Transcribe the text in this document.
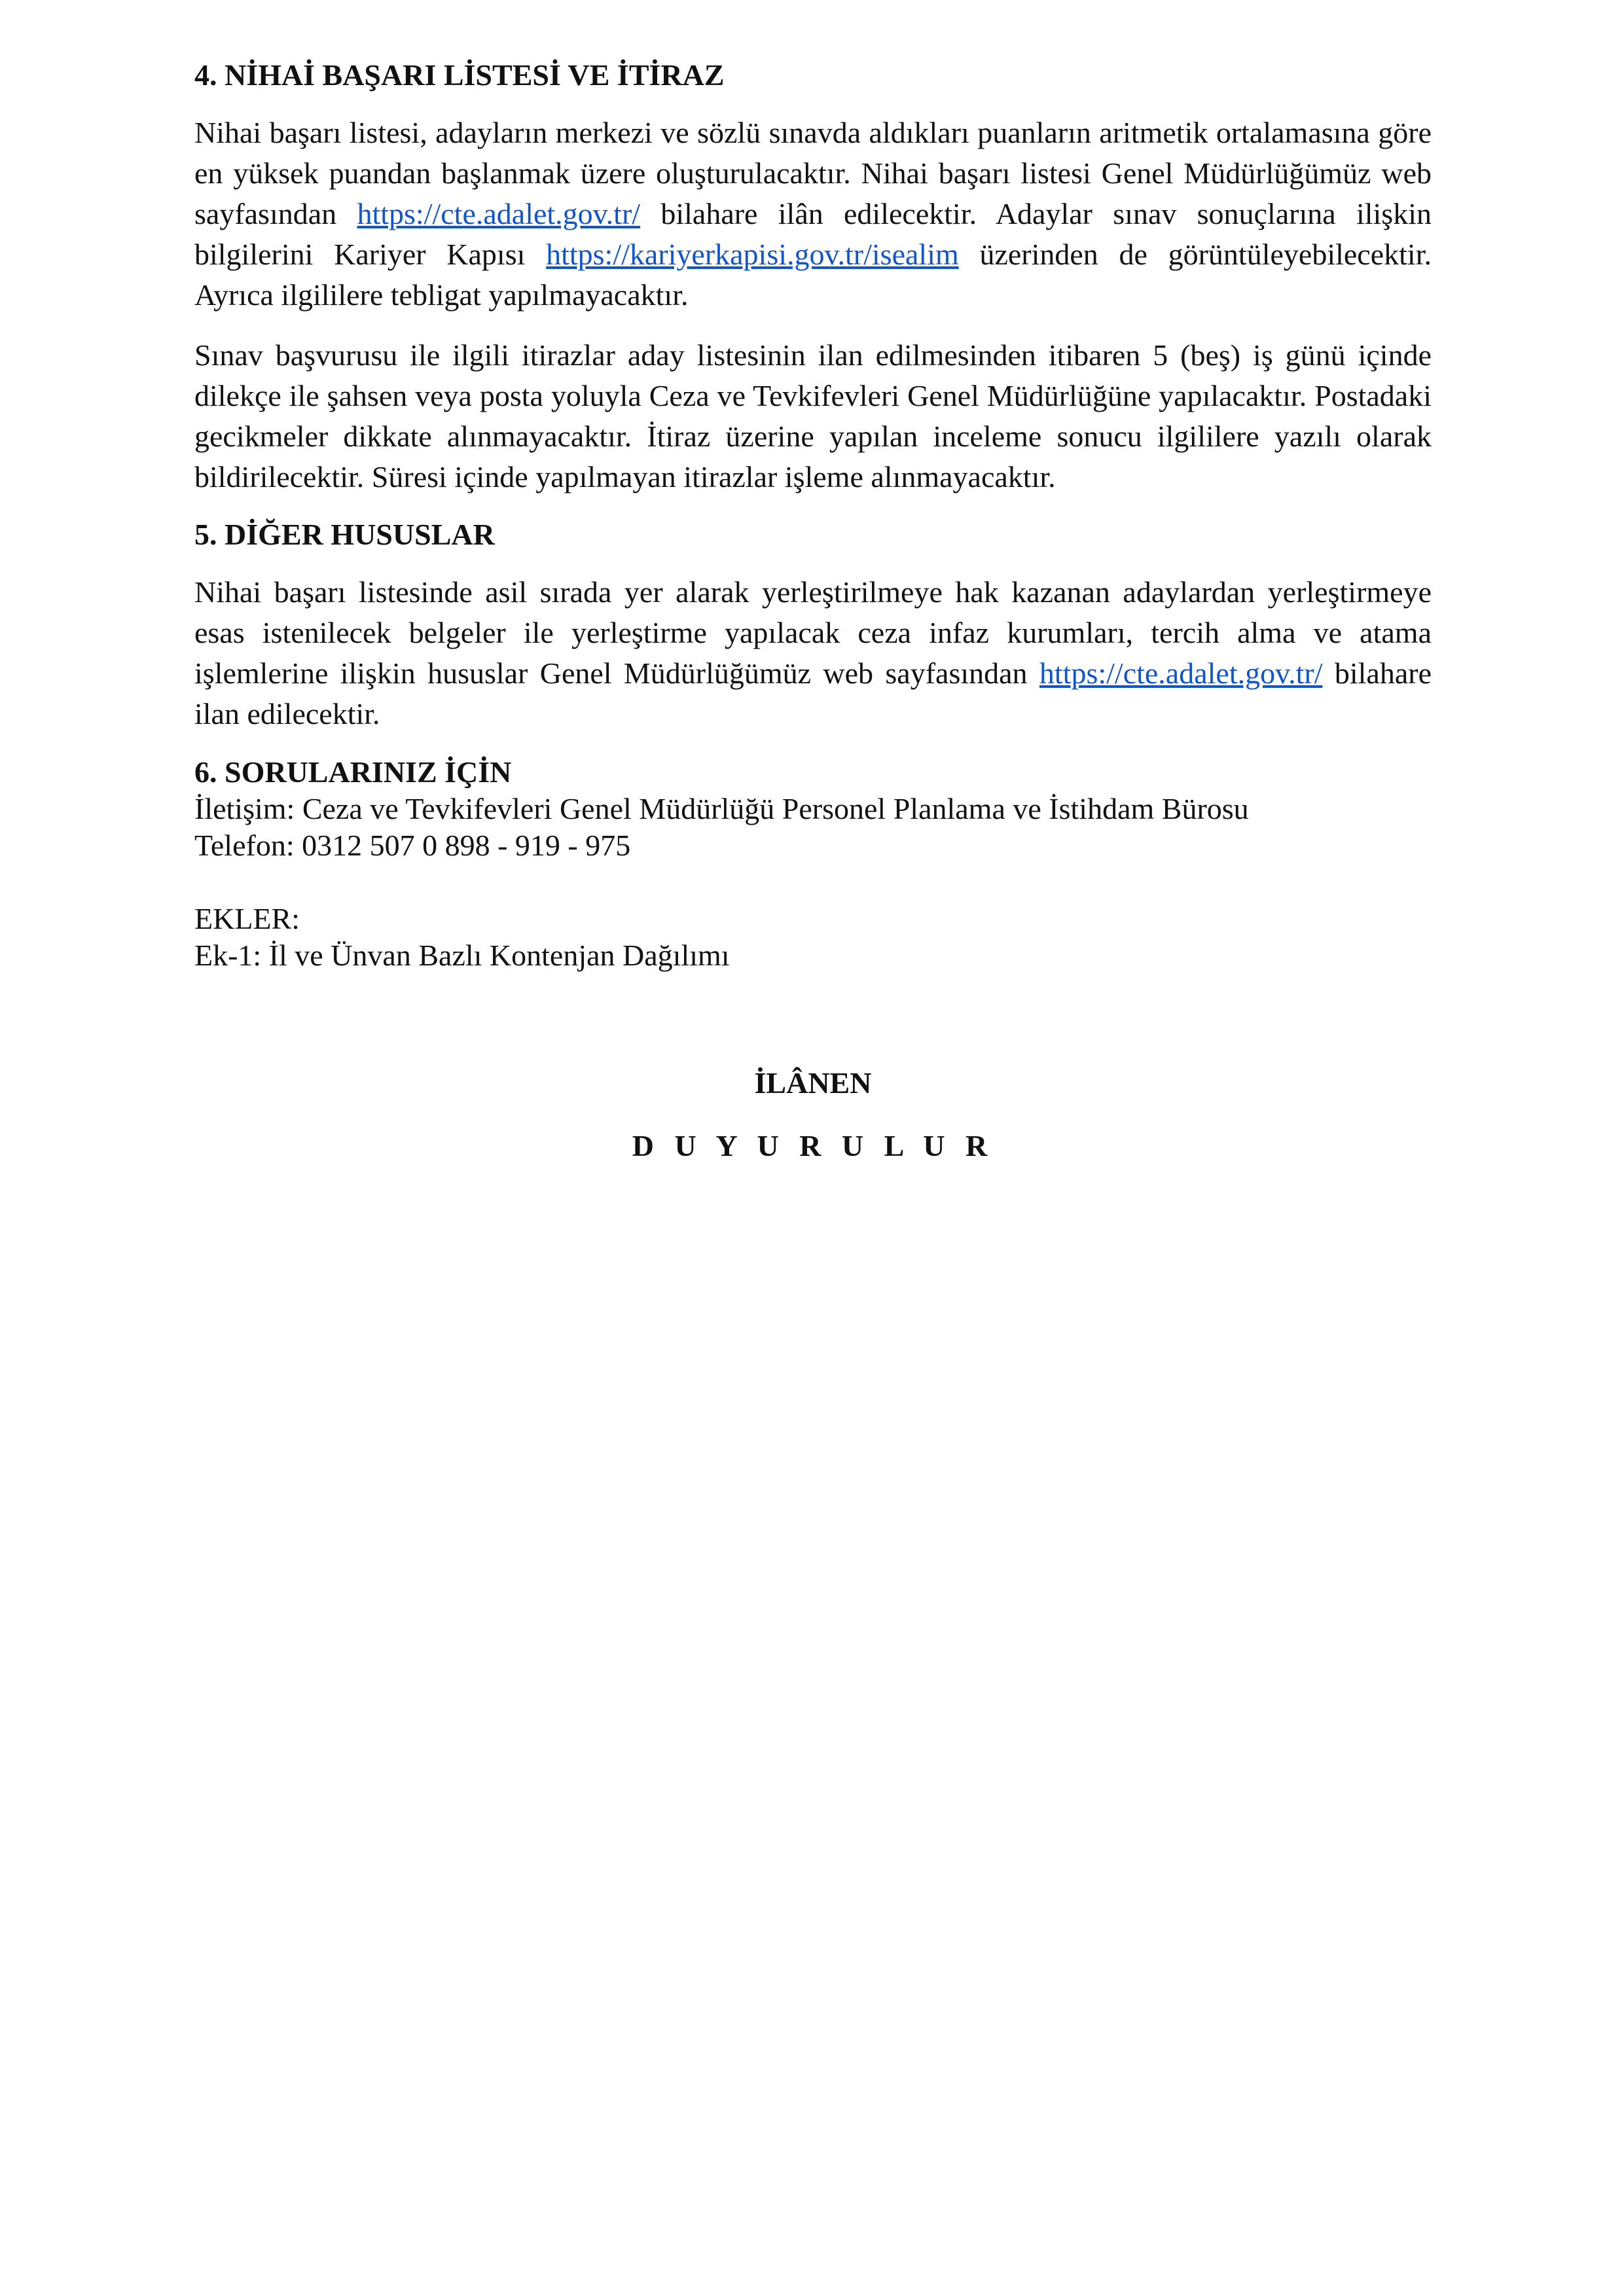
4. NİHAİ BAŞARI LİSTESİ VE İTİRAZ

Nihai başarı listesi, adayların merkezi ve sözlü sınavda aldıkları puanların aritmetik ortalamasına göre en yüksek puandan başlanmak üzere oluşturulacaktır. Nihai başarı listesi Genel Müdürlüğümüz web sayfasından https://cte.adalet.gov.tr/ bilahare ilân edilecektir. Adaylar sınav sonuçlarına ilişkin bilgilerini Kariyer Kapısı https://kariyerkapisi.gov.tr/isealim üzerinden de görüntüleyebilecektir. Ayrıca ilgililere tebligat yapılmayacaktır.

Sınav başvurusu ile ilgili itirazlar aday listesinin ilan edilmesinden itibaren 5 (beş) iş günü içinde dilekçe ile şahsen veya posta yoluyla Ceza ve Tevkifevleri Genel Müdürlüğüne yapılacaktır. Postadaki gecikmeler dikkate alınmayacaktır. İtiraz üzerine yapılan inceleme sonucu ilgililere yazılı olarak bildirilecektir. Süresi içinde yapılmayan itirazlar işleme alınmayacaktır.

5. DİĞER HUSUSLAR

Nihai başarı listesinde asil sırada yer alarak yerleştirilmeye hak kazanan adaylardan yerleştirmeye esas istenilecek belgeler ile yerleştirme yapılacak ceza infaz kurumları, tercih alma ve atama işlemlerine ilişkin hususlar Genel Müdürlüğümüz web sayfasından https://cte.adalet.gov.tr/ bilahare ilan edilecektir.

6. SORULARINIZ İÇİN

İletişim: Ceza ve Tevkifevleri Genel Müdürlüğü Personel Planlama ve İstihdam Bürosu

Telefon: 0312 507 0 898 - 919 - 975

EKLER:

Ek-1: İl ve Ünvan Bazlı Kontenjan Dağılımı

İLÂNEN

D U Y U R U L U R
